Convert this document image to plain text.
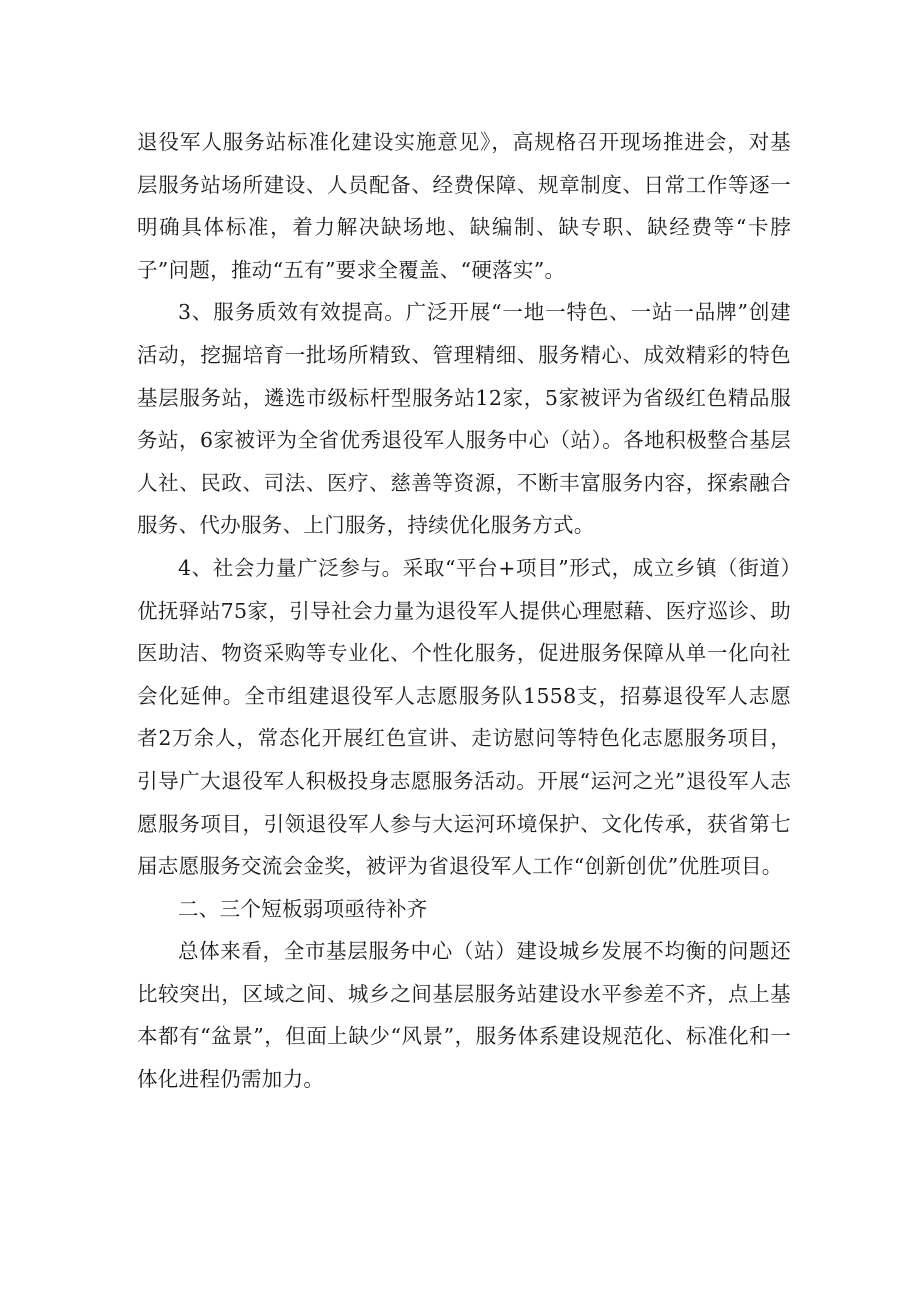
退役军人服务站标准化建设实施意见》，高规格召开现场推进会，对基层服务站场所建设、人员配备、经费保障、规章制度、日常工作等逐一明确具体标准，着力解决缺场地、缺编制、缺专职、缺经费等“卡脖子”问题，推动“五有”要求全覆盖、“硬落实”。

3、服务质效有效提高。广泛开展“一地一特色、一站一品牌”创建活动，挖掘培育一批场所精致、管理精细、服务精心、成效精彩的特色基层服务站，遴选市级标杆型服务站12家，5家被评为省级红色精品服务站，6家被评为全省优秀退役军人服务中心（站）。各地积极整合基层人社、民政、司法、医疗、慈善等资源，不断丰富服务内容，探索融合服务、代办服务、上门服务，持续优化服务方式。

4、社会力量广泛参与。采取“平台+项目”形式，成立乡镇（街道）优抚驿站75家，引导社会力量为退役军人提供心理慰藉、医疗巡诊、助医助洁、物资采购等专业化、个性化服务，促进服务保障从单一化向社会化延伸。全市组建退役军人志愿服务队1558支，招募退役军人志愿者2万余人，常态化开展红色宣讲、走访慰问等特色化志愿服务项目，引导广大退役军人积极投身志愿服务活动。开展“运河之光”退役军人志愿服务项目，引领退役军人参与大运河环境保护、文化传承，获省第七届志愿服务交流会金奖，被评为省退役军人工作“创新创优”优胜项目。

二、三个短板弱项亟待补齐

总体来看，全市基层服务中心（站）建设城乡发展不均衡的问题还比较突出，区域之间、城乡之间基层服务站建设水平参差不齐，点上基本都有“盆景”，但面上缺少“风景”，服务体系建设规范化、标准化和一体化进程仍需加力。
